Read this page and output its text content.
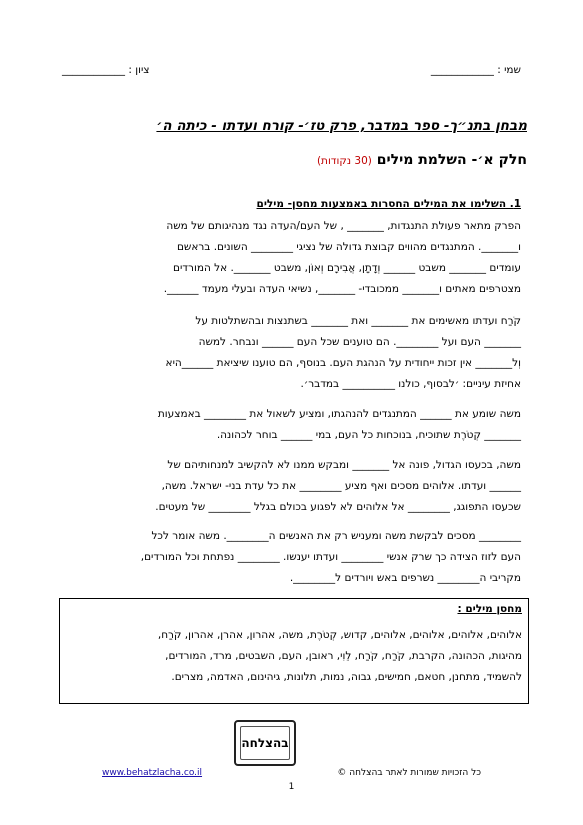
שמי : ____________
ציון : ____________
מבחן בתנ״ך- ספר במדבר, פרק טז׳- קורח ועדתו - כיתה ה׳
חלק א׳- השלמת מילים (30 נקודות)
1. השלימו את המילים החסרות באמצעות מחסן- מילים
הפרק מתאר פעולת התנגדות, _______ , של העם/העדה נגד מנהיגותם של משה
ו_______. המתנגדים מהווים קבוצת גדולה של נציגי ________ השונים. בראשם
עומדים _______ משבט ______ וְדָתָן, אֲבִירָם וְאוֹן, משבט _______. אל המורדים
מצטרפים מאתים ו_______ ממכובדי- _______, נשיאי העדה ובעלי מעמד ______.
קֹרַח ועדתו מאשימים את _______ ואת _______ בשתנצות ובהשתלטות על
_______ העם ועל ________. הם טוענים שכל העם ______ ונבחר. למשה
וְל_______ אין זכות ייחודית על הנהגת העם. בנוסף, הם טוענו שיציאת ______היא
אחיזת עיניים: ׳לבסוף, כולנו __________ במדבר׳.
משה שומע את ______ המתנגדים להנהגתו, ומציע לשאול את ________ באמצעות
_______ קְטֹרֶת שתוכיח, בנוכחות כל העם, במי ______ בוחר לכהונה.
משה, בכעסו הגדול, פונה אל _______ ומבקש ממנו לא להקשיב למנחותיהם של
______ ועדתו. אלוהים מסכים ואף מציע ________ את כל עדת בני- ישראל. משה,
שכעסו התפוגג, ________ אל אלוהים לא לפגוע בכולם בגלל ________ של מעטים.
________ מסכים לבקשת משה ומעניש רק את האנשים ה________. משה אומר לכל
העם לזוז הצידה כך שרק אנשי ________ ועדתו יענשו. ________ נפתחת וכל המורדים,
מקריבי ה________ נשרפים באש ויורדים ל________.
מחסן מילים :
אלוהים, אלוהים, אלוהים, אלוהים, קדוש, קְטֹרֶת, משה, אהרון, אהרן, אהרון, קֹרַח,
מהיגות, הכהונה, הקרבת, קֹרַח, קֹרַח, לֵוִי, ראובן, העם, השבטים, מרד, המורדים,
להשמיד, מתחנן, חטאם, חמישים, גבוה, נמות, תלונות, גיהינום, האדמה, מצרים.
בהצלחה
www.behatzlacha.co.il	כל הזכויות שמורות לאתר בהצלחה ©
1
